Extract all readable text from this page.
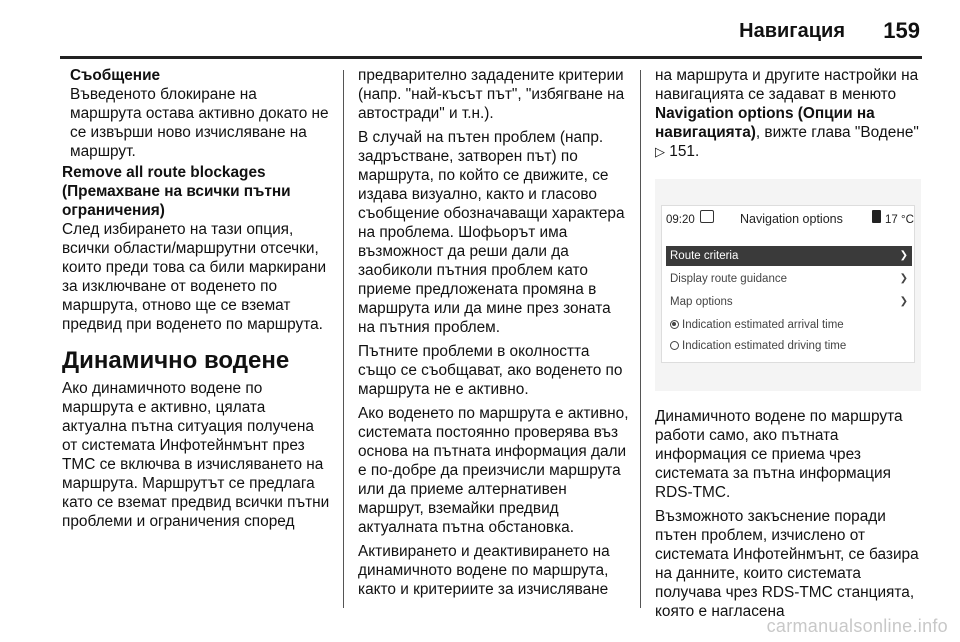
Навигация 159
Съобщение
Въведеното блокиране на маршрута остава активно докато не се извърши ново изчисляване на маршрут.
Remove all route blockages
(Премахване на всички пътни ограничения)
След избирането на тази опция, всички области/маршрутни отсечки, които преди това са били маркирани за изключване от воденето по маршрута, отново ще се вземат предвид при воденето по маршрута.
Динамично водене
Ако динамичното водене по маршрута е активно, цялата актуална пътна ситуация получена от системата Инфотейнмънт през TMC се включва в изчисляването на маршрута. Маршрутът се предлага като се вземат предвид всички пътни проблеми и ограничения според
предварително зададените критерии (напр. "най-късът път", "избягване на автостради" и т.н.).
В случай на пътен проблем (напр. задръстване, затворен път) по маршрута, по който се движите, се издава визуално, както и гласово съобщение обозначаващи характера на проблема. Шофьорът има възможност да реши дали да заобиколи пътния проблем като приеме предложената промяна в маршрута или да мине през зоната на пътния проблем.
Пътните проблеми в околността също се съобщават, ако воденето по маршрута не е активно.
Ако воденето по маршрута е активно, системата постоянно проверява въз основа на пътната информация дали е по-добре да преизчисли маршрута или да приеме алтернативен маршрут, вземайки предвид актуалната пътна обстановка.
Активирането и деактивирането на динамичното водене по маршрута, както и критериите за изчисляване
на маршрута и другите настройки на навигацията се задават в менюто Navigation options (Опции на навигацията), вижте глава "Водене" ▷ 151.
09:20	Navigation options	17 °C
Route criteria	❯
Display route guidance	❯
Map options	❯
Indication estimated arrival time
Indication estimated driving time
Динамичното водене по маршрута работи само, ако пътната информация се приема чрез системата за пътна информация RDS-TMC.
Възможното закъснение поради пътен проблем, изчислено от системата Инфотейнмънт, се базира на данните, които системата получава чрез RDS-TMC станцията, която е нагласена
carmanualsonline.info
